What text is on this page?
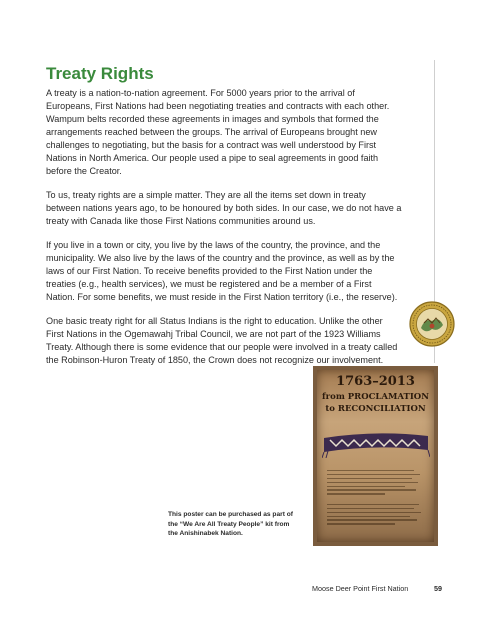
Treaty Rights

A treaty is a nation-to-nation agreement. For 5000 years prior to the arrival of Europeans, First Nations had been negotiating treaties and contracts with each other. Wampum belts recorded these agreements in images and symbols that formed the arrangements reached between the groups. The arrival of Europeans brought new challenges to negotiating, but the basis for a contract was well understood by First Nations in North America. Our people used a pipe to seal agreements in good faith before the Creator.

To us, treaty rights are a simple matter. They are all the items set down in treaty between nations years ago, to be honoured by both sides. In our case, we do not have a treaty with Canada like those First Nations communities around us.

If you live in a town or city, you live by the laws of the country, the province, and the municipality. We also live by the laws of the country and the province, as well as by the laws of our First Nation. To receive benefits provided to the First Nation under the treaties (e.g., health services), we must be registered and be a member of a First Nation. For some benefits, we must reside in the First Nation territory (i.e., the reserve).

One basic treaty right for all Status Indians is the right to education. Unlike the other First Nations in the Ogemawahj Tribal Council, we are not part of the 1923 Williams Treaty. Although there is some evidence that our people were involved in a treaty called the Robinson-Huron Treaty of 1850, the Crown does not recognize our involvement.

1763–2013
from PROCLAMATION
to RECONCILIATION

This poster can be purchased as part of the “We Are All Treaty People” kit from the Anishinabek Nation.

Moose Deer Point First Nation	59
